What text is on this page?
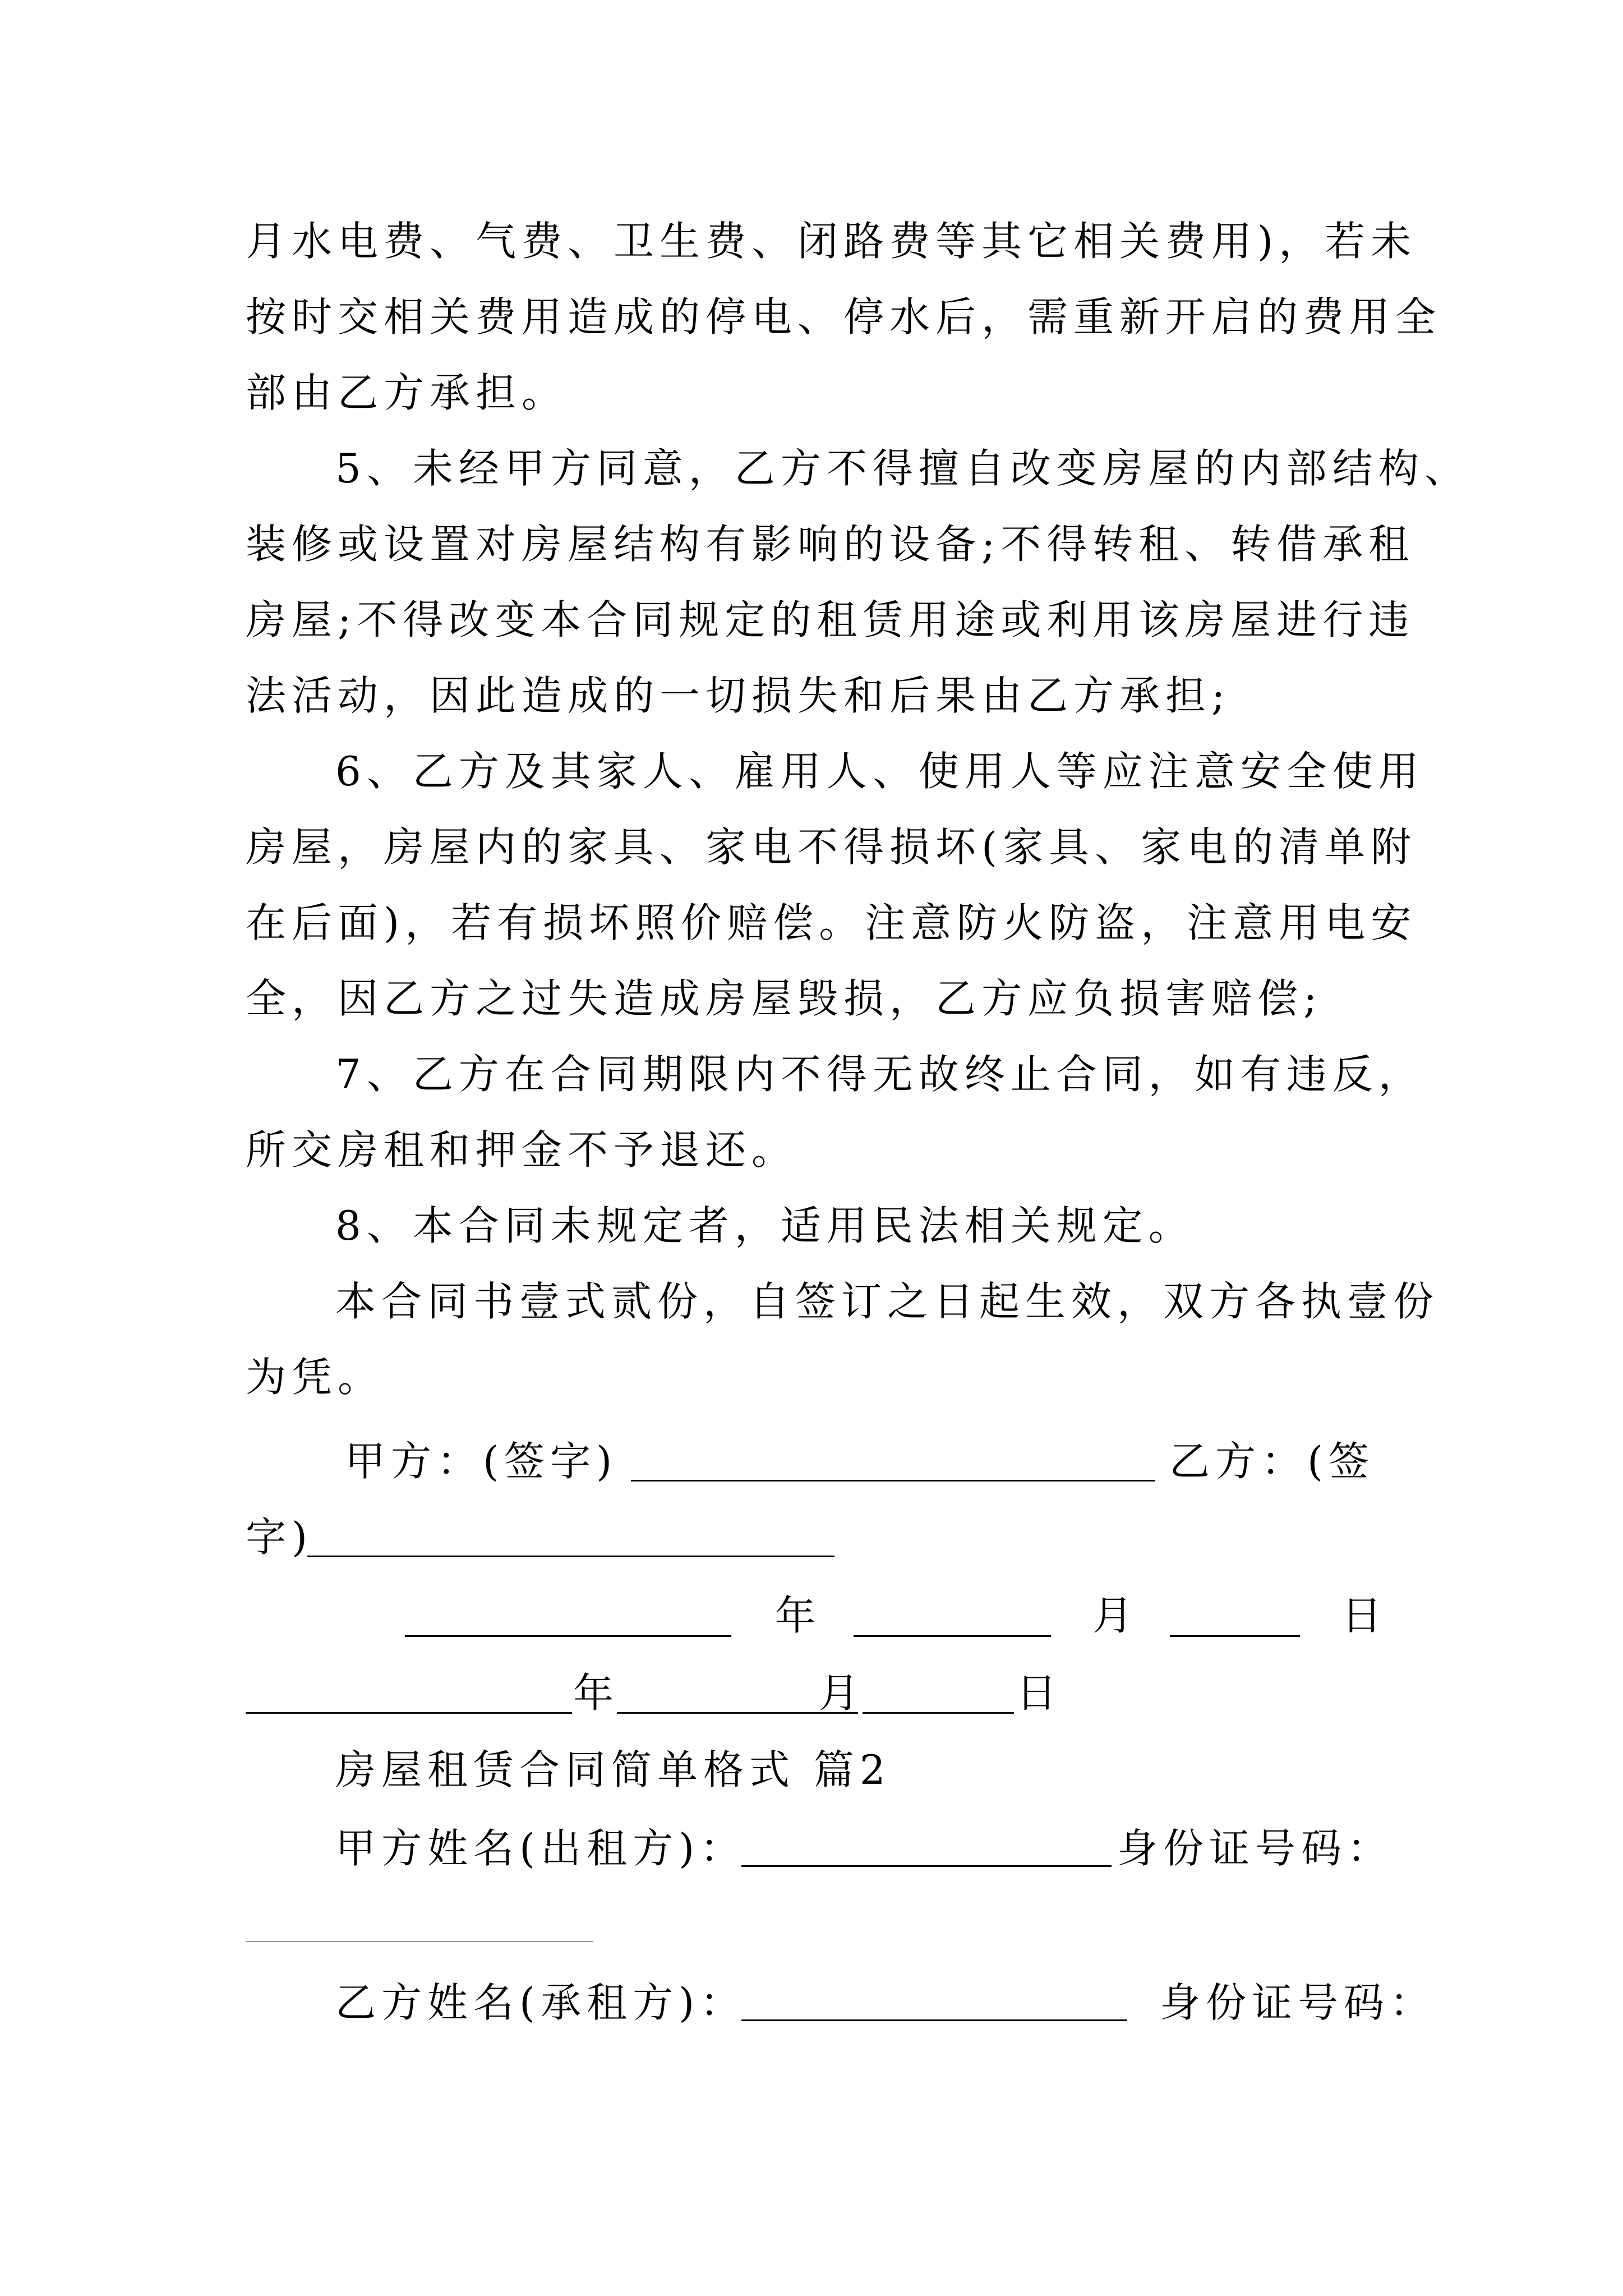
月水电费、气费、卫生费、闭路费等其它相关费用)，若未
按时交相关费用造成的停电、停水后，需重新开启的费用全
部由乙方承担。
5、未经甲方同意，乙方不得擅自改变房屋的内部结构、
装修或设置对房屋结构有影响的设备;不得转租、转借承租
房屋;不得改变本合同规定的租赁用途或利用该房屋进行违
法活动，因此造成的一切损失和后果由乙方承担;
6、乙方及其家人、雇用人、使用人等应注意安全使用
房屋，房屋内的家具、家电不得损坏(家具、家电的清单附
在后面)，若有损坏照价赔偿。注意防火防盗，注意用电安
全，因乙方之过失造成房屋毁损，乙方应负损害赔偿;
7、乙方在合同期限内不得无故终止合同，如有违反，
所交房租和押金不予退还。
8、本合同未规定者，适用民法相关规定。
本合同书壹式贰份，自签订之日起生效，双方各执壹份
为凭。
甲方：(签字)	乙方：(签
字)
年	月	日
年	月	日
房屋租赁合同简单格式 篇2
甲方姓名(出租方)：	身份证号码：
乙方姓名(承租方)：	身份证号码：
